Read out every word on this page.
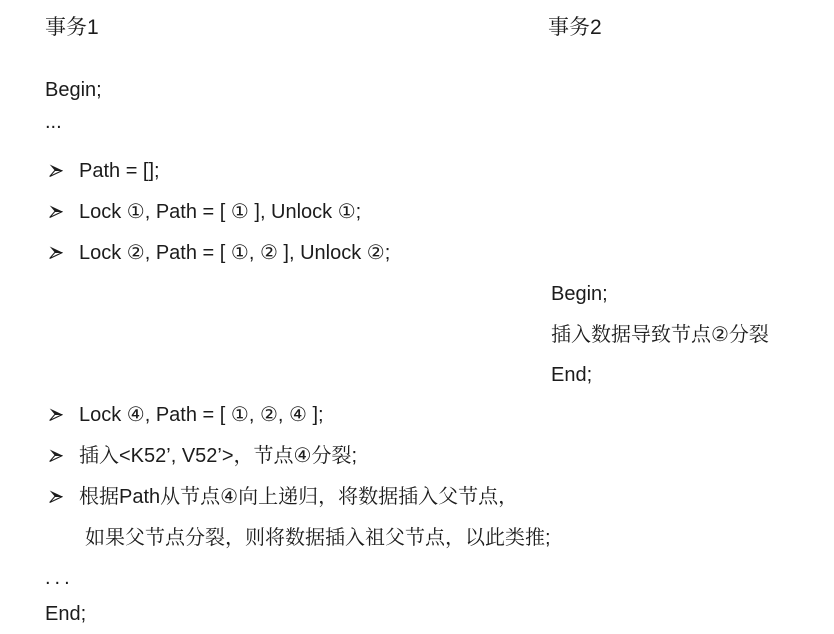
事务1	事务2
Begin;
...
Path = [];
Lock ①, Path = [ ① ], Unlock ①;
Lock ②, Path = [ ①, ② ], Unlock ②;
Begin;
插入数据导致节点②分裂
End;
Lock ④, Path = [ ①, ②, ④ ];
插入<K52’, V52’>，节点④分裂;
根据Path从节点④向上递归，将数据插入父节点，
如果父节点分裂，则将数据插入祖父节点，以此类推;
...
End;
